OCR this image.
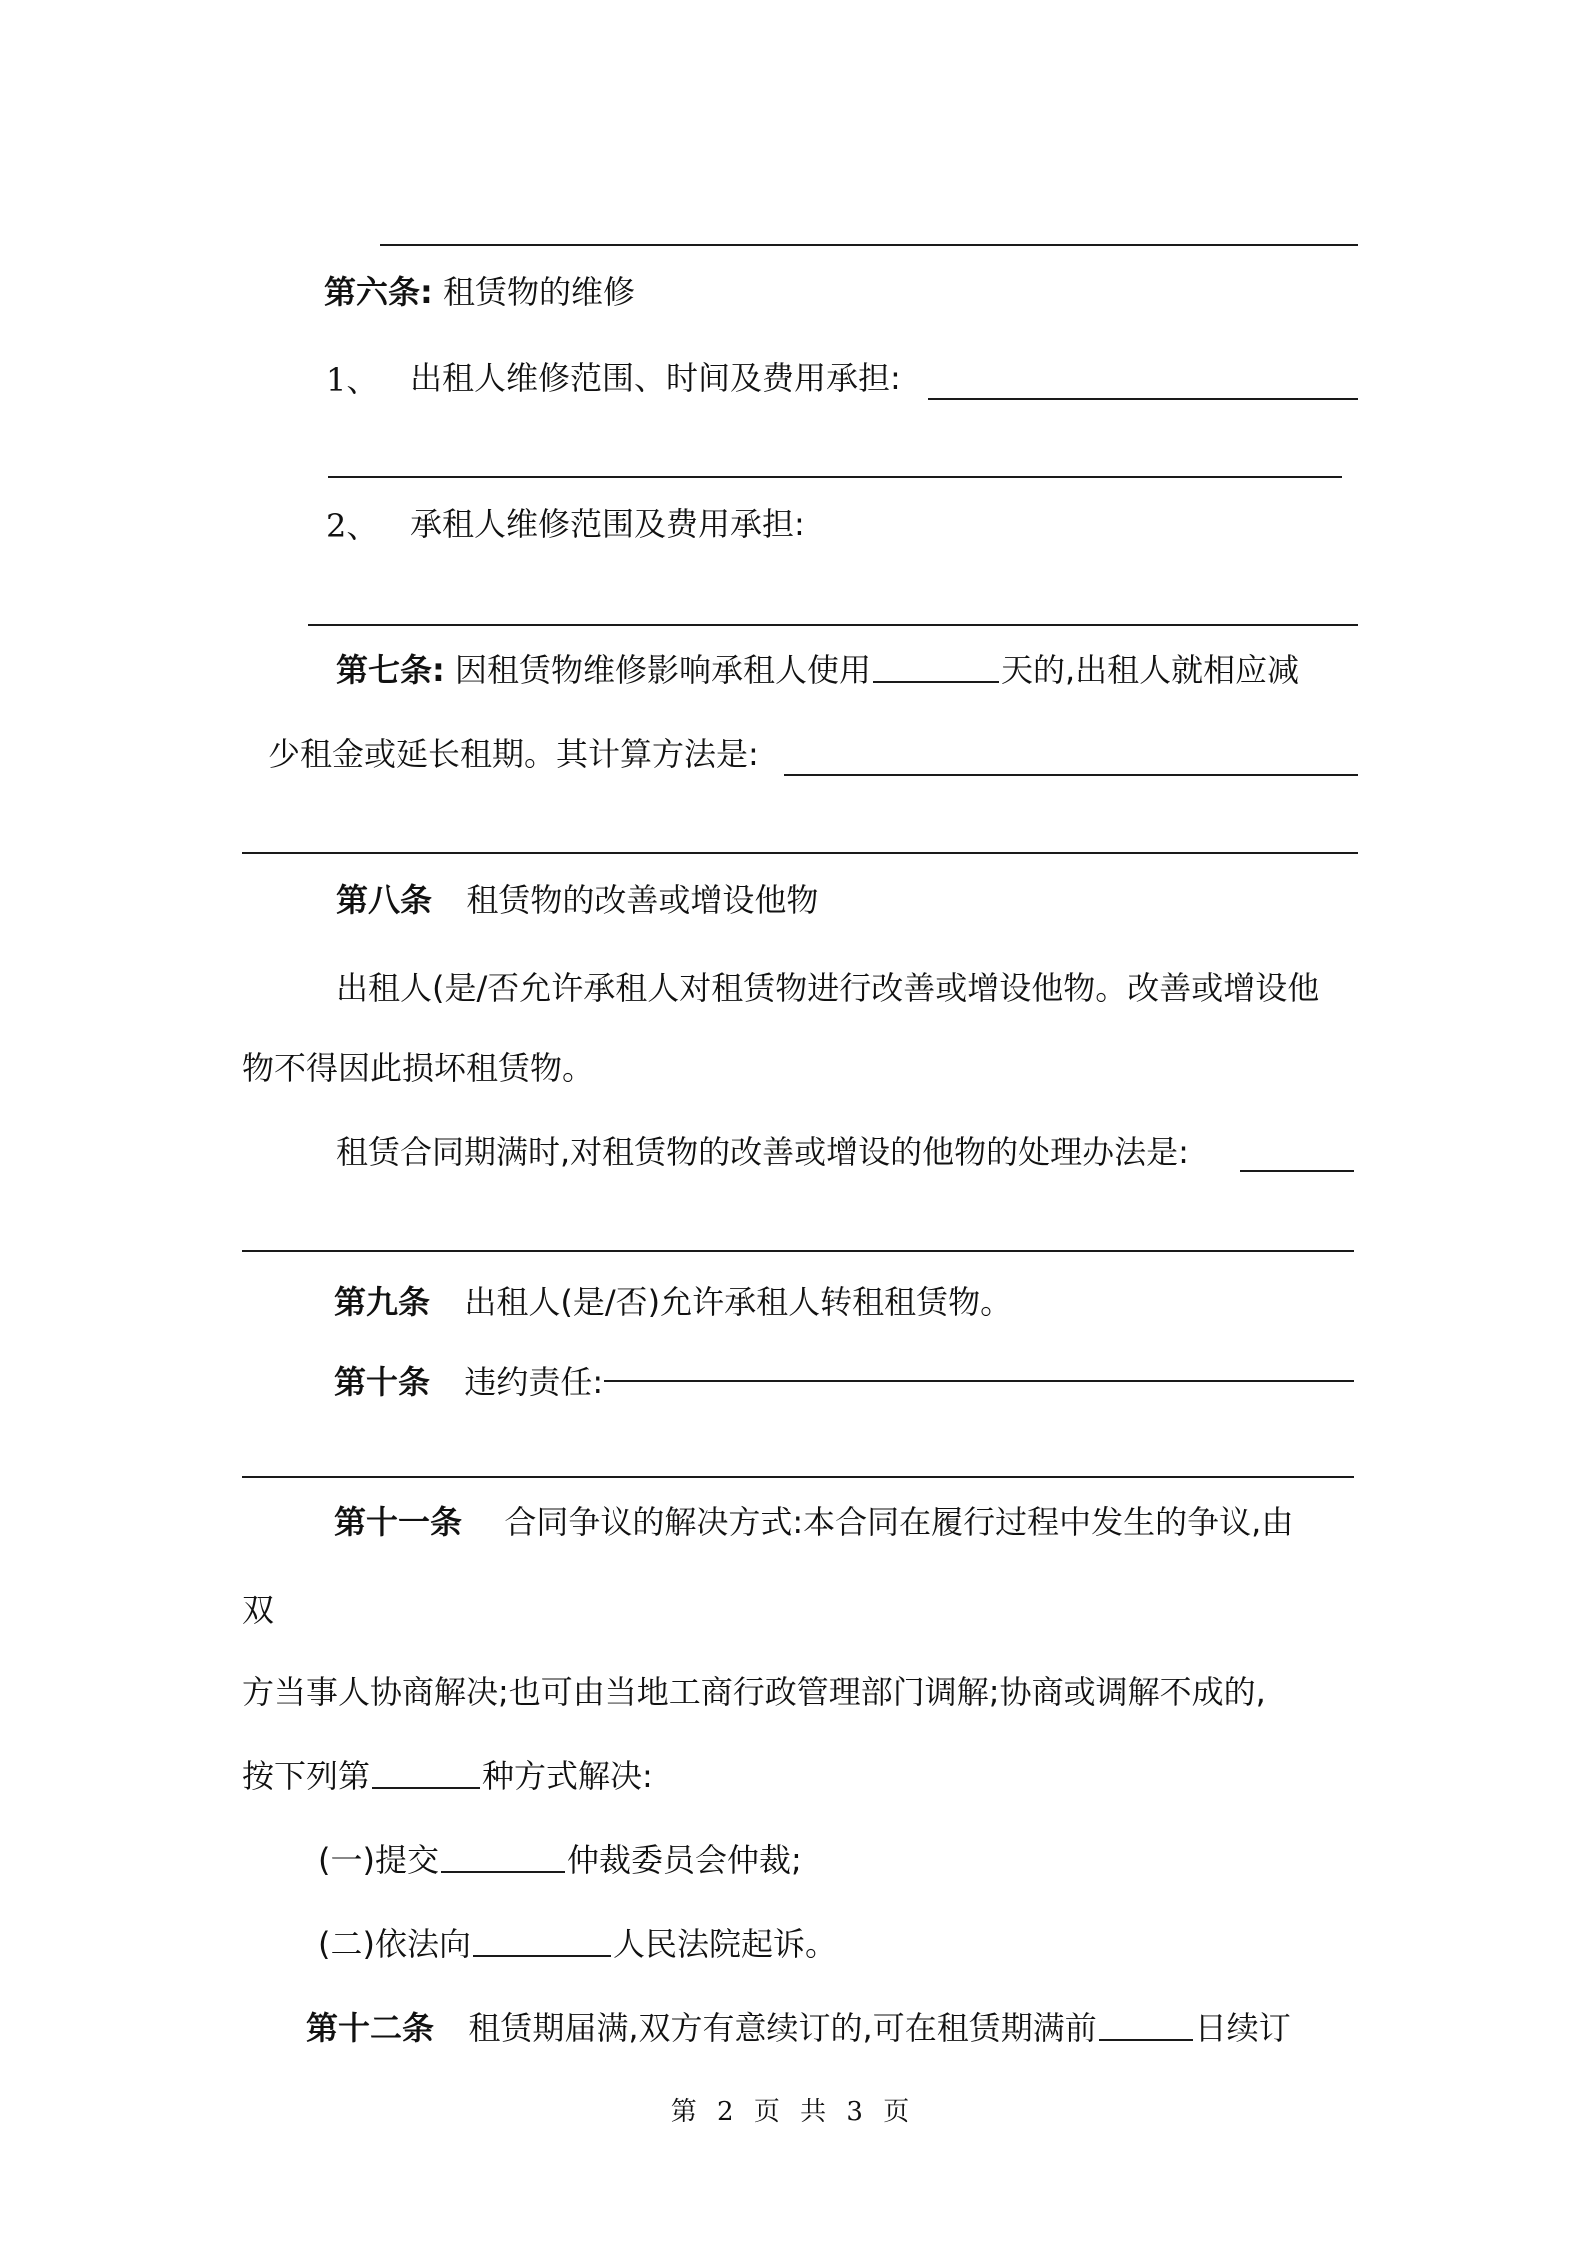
第六条: 租赁物的维修
1、 出租人维修范围、时间及费用承担:
2、 承租人维修范围及费用承担:
第七条: 因租赁物维修影响承租人使用	天的,出租人就相应减
少租金或延长租期。其计算方法是:
第八条 租赁物的改善或增设他物
出租人(是/否允许承租人对租赁物进行改善或增设他物。改善或增设他
物不得因此损坏租赁物。
租赁合同期满时,对租赁物的改善或增设的他物的处理办法是:
第九条 出租人(是/否)允许承租人转租租赁物。
第十条 违约责任:
第十一条 合同争议的解决方式:本合同在履行过程中发生的争议,由
双
方当事人协商解决;也可由当地工商行政管理部门调解;协商或调解不成的,
按下列第	种方式解决:
(一)提交	仲裁委员会仲裁;
(二)依法向	人民法院起诉。
第十二条 租赁期届满,双方有意续订的,可在租赁期满前	日续订
第 2 页 共 3 页
